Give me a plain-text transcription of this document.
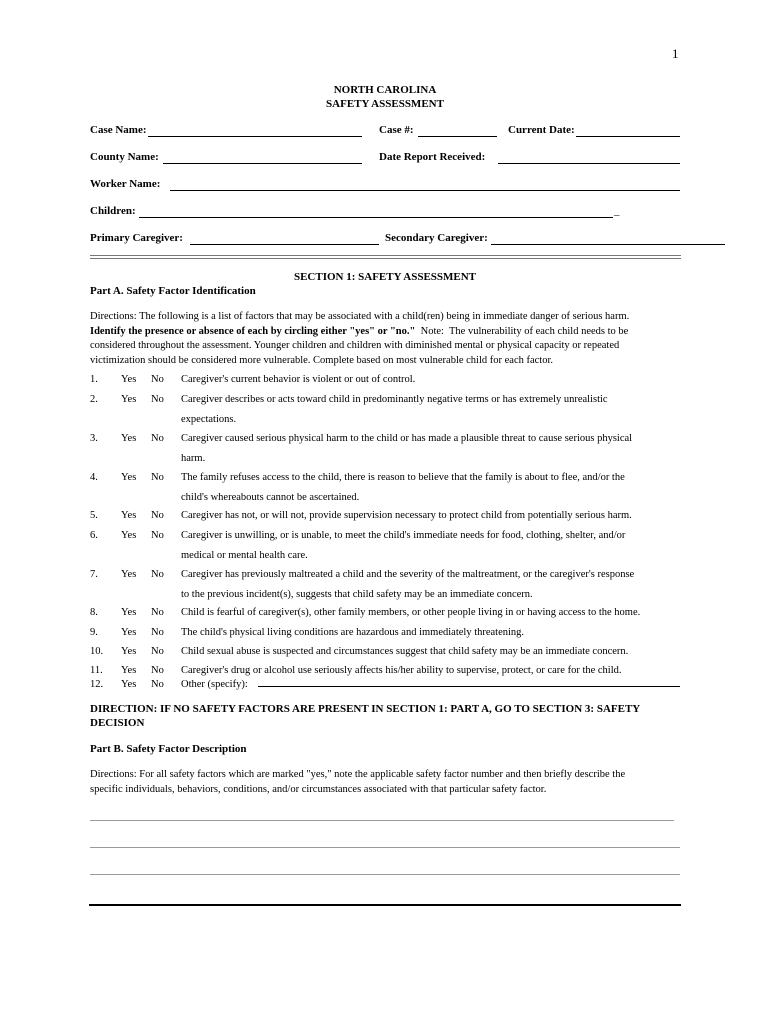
1
NORTH CAROLINA
SAFETY ASSESSMENT
Case Name:	Case #:	Current Date:
County Name:	Date Report Received:
Worker Name:
Children:	_
Primary Caregiver:	Secondary Caregiver:
SECTION 1: SAFETY ASSESSMENT
Part A. Safety Factor Identification
Directions: The following is a list of factors that may be associated with a child(ren) being in immediate danger of serious harm.
Identify the presence or absence of each by circling either "yes" or "no."  Note:  The vulnerability of each child needs to be
considered throughout the assessment. Younger children and children with diminished mental or physical capacity or repeated
victimization should be considered more vulnerable. Complete based on most vulnerable child for each factor.
1. Yes No Caregiver's current behavior is violent or out of control.
2. Yes No Caregiver describes or acts toward child in predominantly negative terms or has extremely unrealistic
expectations.
3. Yes No Caregiver caused serious physical harm to the child or has made a plausible threat to cause serious physical
harm.
4. Yes No The family refuses access to the child, there is reason to believe that the family is about to flee, and/or the
child's whereabouts cannot be ascertained.
5. Yes No Caregiver has not, or will not, provide supervision necessary to protect child from potentially serious harm.
6. Yes No Caregiver is unwilling, or is unable, to meet the child's immediate needs for food, clothing, shelter, and/or
medical or mental health care.
7. Yes No Caregiver has previously maltreated a child and the severity of the maltreatment, or the caregiver's response
to the previous incident(s), suggests that child safety may be an immediate concern.
8. Yes No Child is fearful of caregiver(s), other family members, or other people living in or having access to the home.
9. Yes No The child's physical living conditions are hazardous and immediately threatening.
10. Yes No Child sexual abuse is suspected and circumstances suggest that child safety may be an immediate concern.
11. Yes No Caregiver's drug or alcohol use seriously affects his/her ability to supervise, protect, or care for the child.
12. Yes No Other (specify):
DIRECTION: IF NO SAFETY FACTORS ARE PRESENT IN SECTION 1: PART A, GO TO SECTION 3: SAFETY
DECISION
Part B. Safety Factor Description
Directions: For all safety factors which are marked "yes," note the applicable safety factor number and then briefly describe the
specific individuals, behaviors, conditions, and/or circumstances associated with that particular safety factor.
